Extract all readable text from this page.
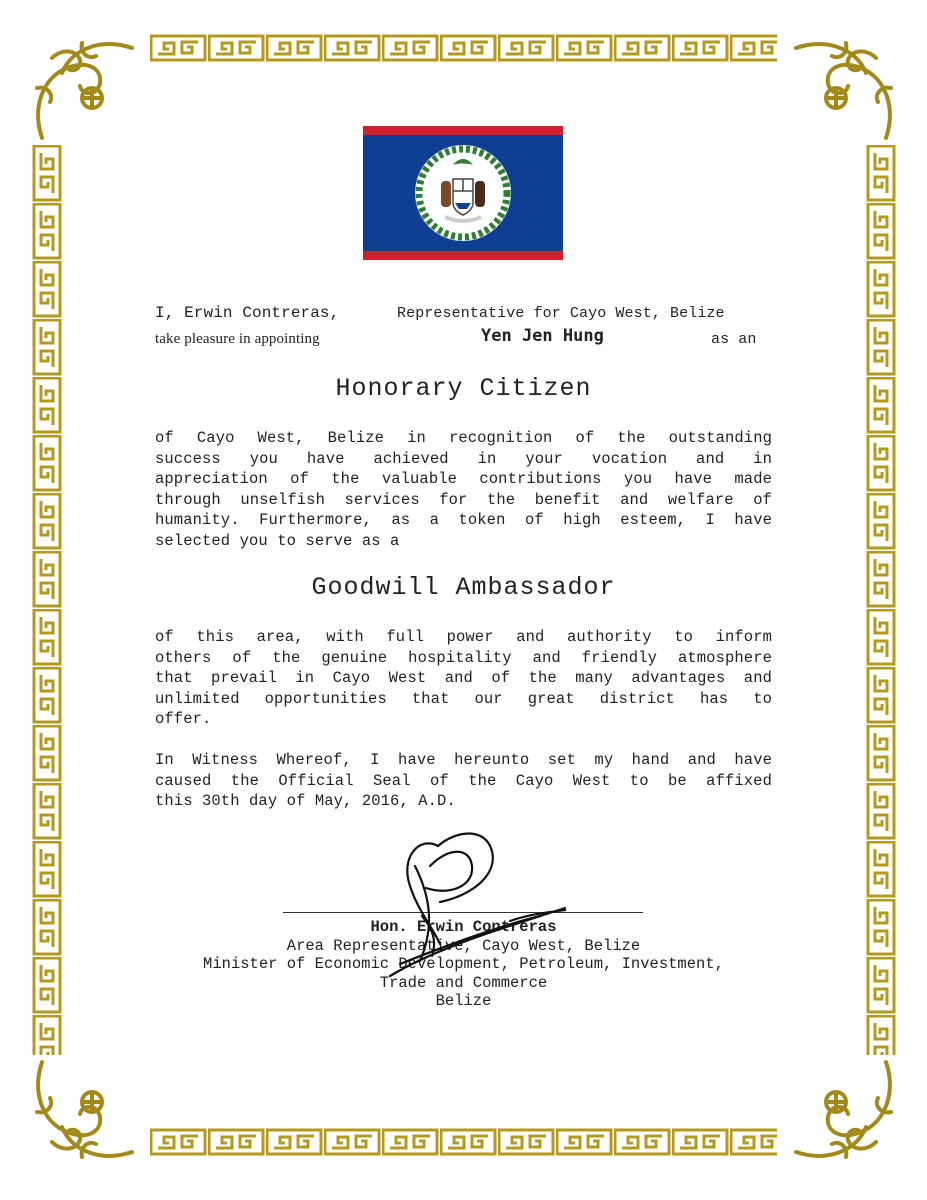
I, Erwin Contreras,	Representative for Cayo West, Belize
take pleasure in appointing	Yen Jen Hung	as an
Honorary Citizen
of Cayo West, Belize in recognition of the outstanding
success you have achieved in your vocation and in
appreciation of the valuable contributions you have made
through unselfish services for the benefit and welfare of
humanity. Furthermore, as a token of high esteem, I have
selected you to serve as a
Goodwill Ambassador
of this area, with full power and authority to inform
others of the genuine hospitality and friendly atmosphere
that prevail in Cayo West and of the many advantages and
unlimited opportunities that our great district has to
offer.
In Witness Whereof, I have hereunto set my hand and have
caused the Official Seal of the Cayo West to be affixed
this 30th day of May, 2016, A.D.
Hon. Erwin Contreras
Area Representative, Cayo West, Belize
Minister of Economic Development, Petroleum, Investment,
Trade and Commerce
Belize
